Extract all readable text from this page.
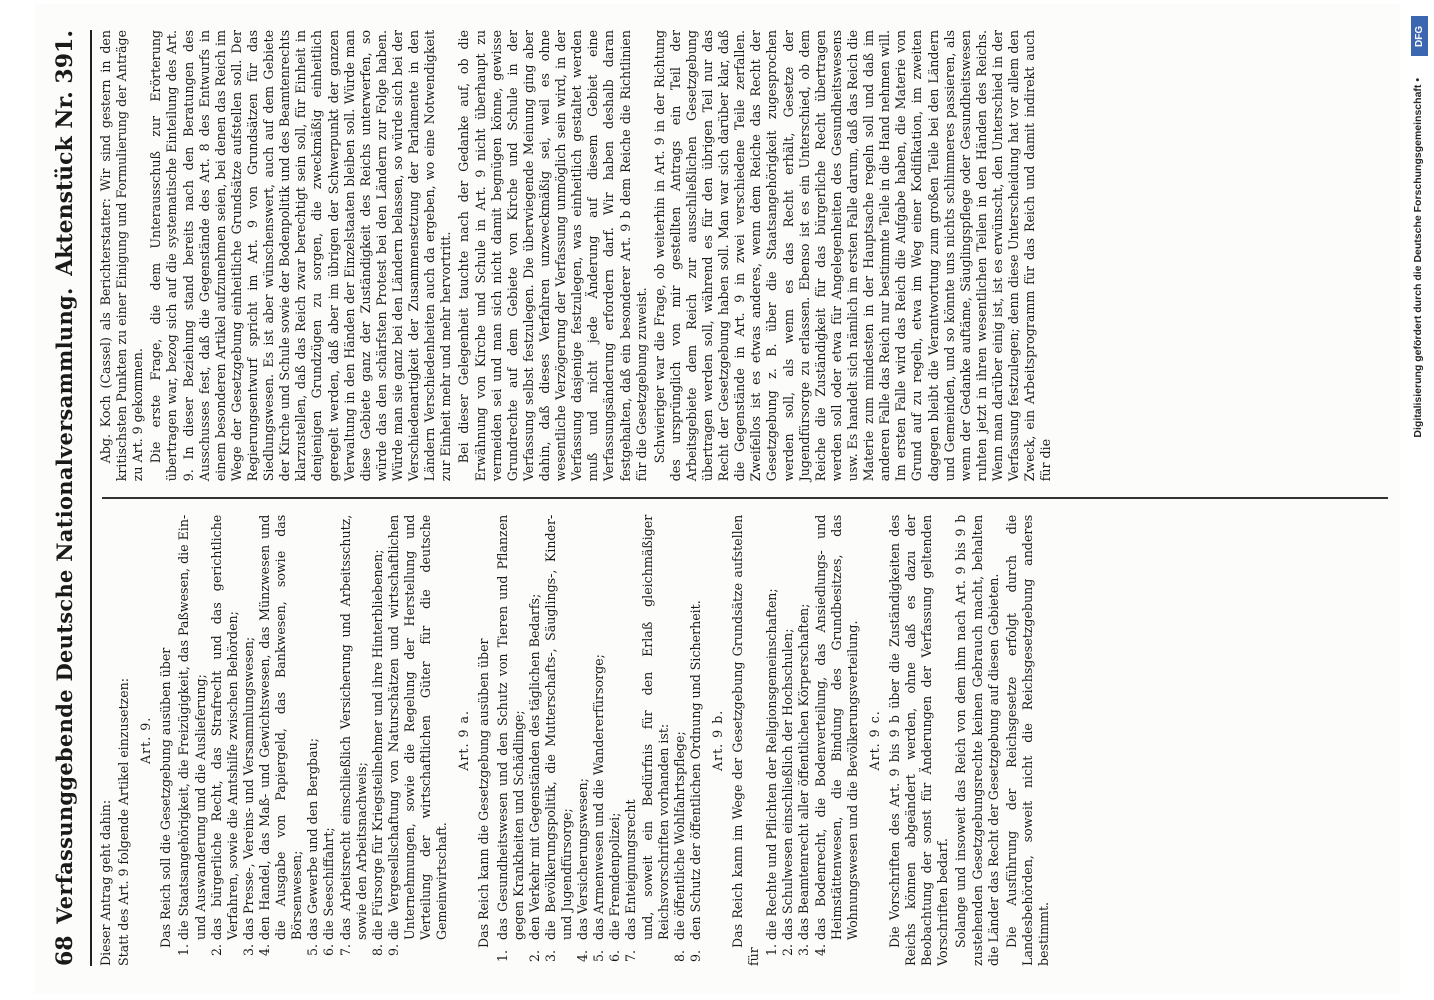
68
Verfassunggebende Deutsche Nationalversammlung.
Aktenstück Nr. 391.

Dieser Antrag geht dahin: Statt des Art. 9 folgende Artikel einzusetzen: Art. 9. Das Reich soll die Gesetzgebung ausüben über 1. die Staatsangehörigkeit, die Freizügigkeit, das Paßwesen, die Ein- und Auswanderung und die Auslieferung; 2. das bürgerliche Recht, das Strafrecht und das gerichtliche Verfahren, sowie die Amtshilfe zwischen Behörden; 3. das Presse-, Vereins- und Versammlungswesen; 4. den Handel, das Maß- und Gewichtswesen, das Münzwesen und die Ausgabe von Papiergeld, das Bankwesen, sowie das Börsenwesen; 5. das Gewerbe und den Bergbau; 6. die Seeschiffahrt; 7. das Arbeitsrecht einschließlich Versicherung und Arbeitsschutz, sowie den Arbeitsnachweis; 8. die Fürsorge für Kriegsteilnehmer und ihre Hinterbliebenen; 9. die Vergesellschaftung von Naturschätzen und wirtschaftlichen Unternehmungen, sowie die Regelung der Herstellung und Verteilung der wirtschaftlichen Güter für die deutsche Gemeinwirtschaft.
Art. 9 a. Das Reich kann die Gesetzgebung ausüben über

1.
das Gesundheitswesen und den Schutz von Tieren und Pflanzen gegen Krankheiten und Schädlinge;
2.
den Verkehr mit Gegenständen des täglichen Bedarfs;
3.
die Bevölkerungspolitik, die Mutterschafts-, Säuglings-, Kinder- und Jugendfürsorge;
4.
das Versicherungswesen;
5.
das Armenwesen und die Wandererfürsorge;
6.
die Fremdenpolizei;
7.
das Enteignungsrecht und, soweit ein Bedürfnis für den Erlaß gleichmäßiger Reichsvorschriften vorhanden ist:
8.
die öffentliche Wohlfahrtspflege;
9.
den Schutz der öffentlichen Ordnung und Sicherheit. Art. 9 b. Das Reich kann im Wege der Gesetzgebung Grundsätze aufstellen für

1. die Rechte und Pflichten der Religionsgemeinschaften; 2. das Schulwesen einschließlich der Hochschulen; 3. das Beamtenrecht aller öffentlichen Körperschaften; 4. das Bodenrecht, die Bodenverteilung, das Ansiedlungs- und Heimstättenwesen, die Bindung des Grundbesitzes, das Wohnungswesen und die Bevölkerungsverteilung. Art. 9 c. Die Vorschriften des Art. 9 bis 9 b über die Zuständigkeiten des Reichs können abgeändert werden, ohne daß es dazu der Beobachtung der sonst für Änderungen der Verfassung geltenden Vorschriften bedarf. Solange und insoweit das Reich von dem ihm nach Art. 9 bis 9 b zustehenden Gesetzgebungsrechte keinen Gebrauch macht, behalten die Länder das Recht der Gesetzgebung auf diesen Gebieten. Die Ausführung der Reichsgesetze erfolgt durch die Landesbehörden, soweit nicht die Reichsgesetzgebung anderes bestimmt.

Abg. Koch (Cassel) als Berichterstatter: Wir sind gestern in den kritischsten Punkten zu einer Einigung und Formulierung der Anträge zu Art. 9 gekommen. Die erste Frage, die dem Unterausschuß zur Erörterung übertragen war, bezog sich auf die systematische Einteilung des Art. 9. In dieser Beziehung stand bereits nach den Beratungen des Ausschusses fest, daß die Gegenstände des Art. 8 des Entwurfs in einem besonderen Artikel aufzunehmen seien, bei denen das Reich im Wege der Gesetzgebung einheitliche Grundsätze aufstellen soll. Der Regierungsentwurf spricht im Art. 9 von Grundsätzen für das Siedlungswesen. Es ist aber wünschenswert, auch auf dem Gebiete der Kirche und Schule sowie der Bodenpolitik und des Beamtenrechts klarzustellen, daß das Reich zwar berechtigt sein soll, für Einheit in denjenigen Grundzügen zu sorgen, die zweckmäßig einheitlich geregelt werden, daß aber im übrigen der Schwerpunkt der ganzen Verwaltung in den Händen der Einzelstaaten bleiben soll. Würde man diese Gebiete ganz der Zuständigkeit des Reichs unterwerfen, so würde das den schärfsten Protest bei den Ländern zur Folge haben. Würde man sie ganz bei den Ländern belassen, so würde sich bei der Verschiedenartigkeit der Zusammensetzung der Parlamente in den Ländern Verschiedenheiten auch da ergeben, wo eine Notwendigkeit zur Einheit mehr und mehr hervortritt. Bei dieser Gelegenheit tauchte nach der Gedanke auf, ob die Erwähnung von Kirche und Schule in Art. 9 nicht überhaupt zu vermeiden sei und man sich nicht damit begnügen könne, gewisse Grundrechte auf dem Gebiete von Kirche und Schule in der Verfassung selbst festzulegen. Die überwiegende Meinung ging aber dahin, daß dieses Verfahren unzweckmäßig sei, weil es ohne wesentliche Verzögerung der Verfassung unmöglich sein wird, in der Verfassung dasjenige festzulegen, was einheitlich gestaltet werden muß und nicht jede Änderung auf diesem Gebiet eine Verfassungsänderung erfordern darf. Wir haben deshalb daran festgehalten, daß ein besonderer Art. 9 b dem Reiche die Richtlinien für die Gesetzgebung zuweist. Schwieriger war die Frage, ob weiterhin in Art. 9 in der Richtung des ursprünglich von mir gestellten Antrags ein Teil der Arbeitsgebiete dem Reich zur ausschließlichen Gesetzgebung übertragen werden soll, während es für den übrigen Teil nur das Recht der Gesetzgebung haben soll. Man war sich darüber klar, daß die Gegenstände in Art. 9 in zwei verschiedene Teile zerfallen. Zweifellos ist es etwas anderes, wenn dem Reiche das Recht der Gesetzgebung z. B. über die Staatsangehörigkeit zugesprochen werden soll, als wenn es das Recht erhält, Gesetze der Jugendfürsorge zu erlassen. Ebenso ist es ein Unterschied, ob dem Reiche die Zuständigkeit für das bürgerliche Recht übertragen werden soll oder etwa für Angelegenheiten des Gesundheitswesens usw. Es handelt sich nämlich im ersten Falle darum, daß das Reich die Materie zum mindesten in der Hauptsache regeln soll und daß im anderen Falle das Reich nur bestimmte Teile in die Hand nehmen will. Im ersten Falle wird das Reich die Aufgabe haben, die Materie von Grund auf zu regeln, etwa im Weg einer Kodifikation, im zweiten dagegen bleibt die Verantwortung zum großen Teile bei den Ländern und Gemeinden, und so könnte uns nichts schlimmeres passieren, als wenn der Gedanke auftäme, Säuglingspflege oder Gesundheitswesen ruhten jetzt in ihren wesentlichen Teilen in den Händen des Reichs. Wenn man darüber einig ist, ist es erwünscht, den Unterschied in der Verfassung festzulegen; denn diese Unterscheidung hat vor allem den Zweck, ein Arbeitsprogramm für das Reich und damit indirekt auch für die

DFG
Digitalisierung gefördert durch die Deutsche Forschungsgemeinschaft •
